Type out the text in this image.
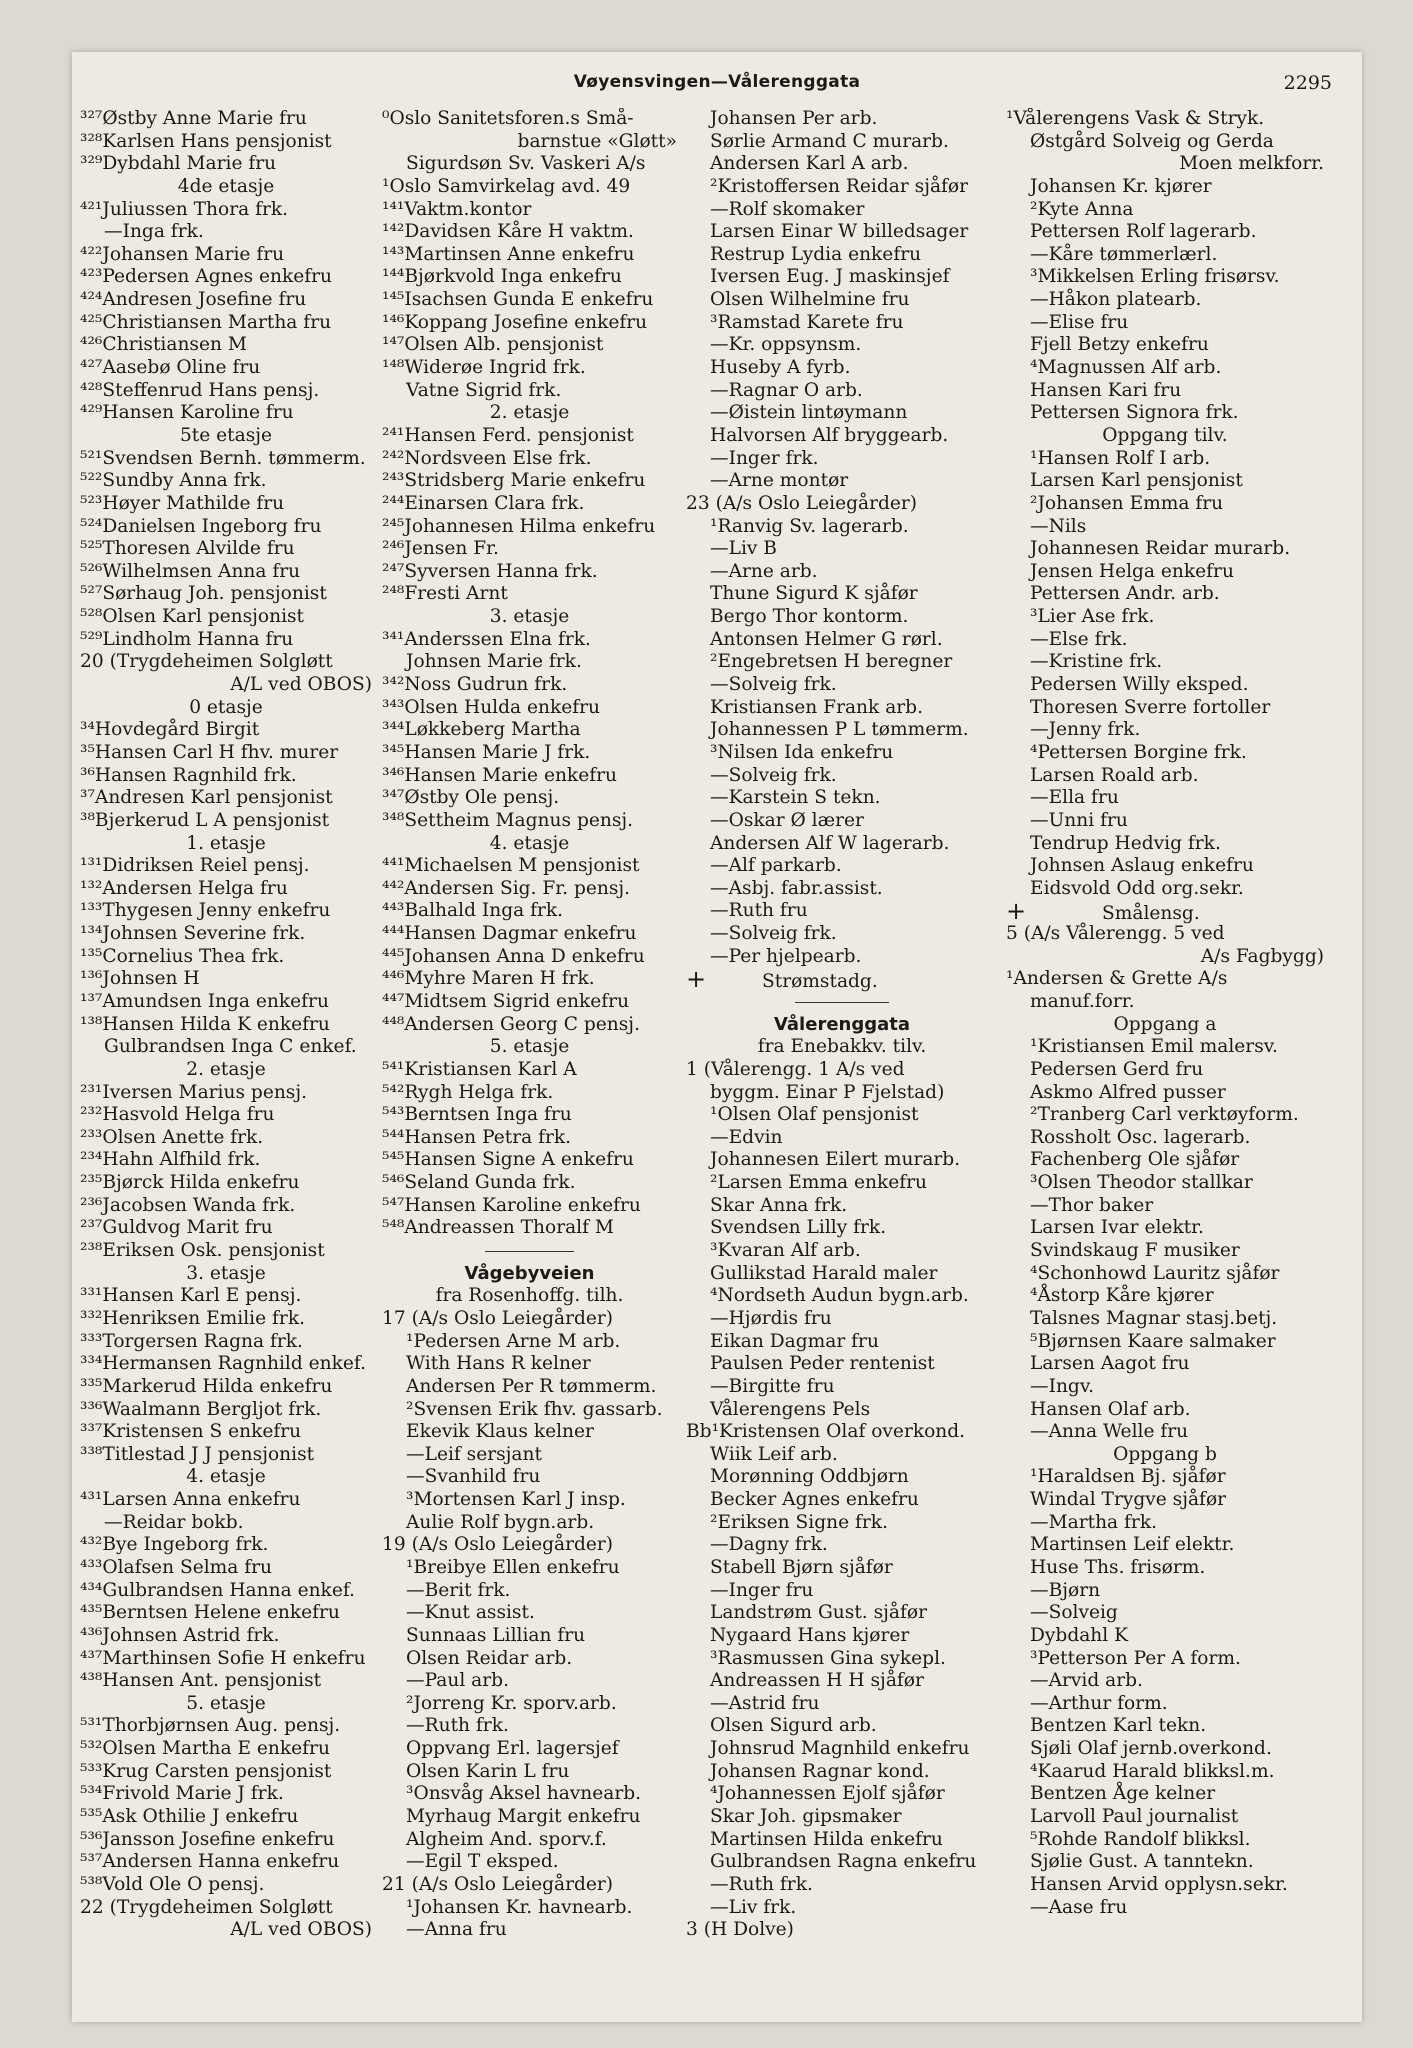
Vøyensvingen—Vålerenggata	2295
³²⁷Østby Anne Marie fru
³²⁸Karlsen Hans pensjonist
³²⁹Dybdahl Marie fru
4de etasje
⁴²¹Juliussen Thora frk.
—Inga frk.
⁴²²Johansen Marie fru
⁴²³Pedersen Agnes enkefru
⁴²⁴Andresen Josefine fru
⁴²⁵Christiansen Martha fru
⁴²⁶Christiansen M
⁴²⁷Aasebø Oline fru
⁴²⁸Steffenrud Hans pensj.
⁴²⁹Hansen Karoline fru
5te etasje
⁵²¹Svendsen Bernh. tømmerm.
⁵²²Sundby Anna frk.
⁵²³Høyer Mathilde fru
⁵²⁴Danielsen Ingeborg fru
⁵²⁵Thoresen Alvilde fru
⁵²⁶Wilhelmsen Anna fru
⁵²⁷Sørhaug Joh. pensjonist
⁵²⁸Olsen Karl pensjonist
⁵²⁹Lindholm Hanna fru
20 (Trygdeheimen Solgløtt
A/L ved OBOS)
0 etasje
³⁴Hovdegård Birgit
³⁵Hansen Carl H fhv. murer
³⁶Hansen Ragnhild frk.
³⁷Andresen Karl pensjonist
³⁸Bjerkerud L A pensjonist
1. etasje
¹³¹Didriksen Reiel pensj.
¹³²Andersen Helga fru
¹³³Thygesen Jenny enkefru
¹³⁴Johnsen Severine frk.
¹³⁵Cornelius Thea frk.
¹³⁶Johnsen H
¹³⁷Amundsen Inga enkefru
¹³⁸Hansen Hilda K enkefru
Gulbrandsen Inga C enkef.
2. etasje
²³¹Iversen Marius pensj.
²³²Hasvold Helga fru
²³³Olsen Anette frk.
²³⁴Hahn Alfhild frk.
²³⁵Bjørck Hilda enkefru
²³⁶Jacobsen Wanda frk.
²³⁷Guldvog Marit fru
²³⁸Eriksen Osk. pensjonist
3. etasje
³³¹Hansen Karl E pensj.
³³²Henriksen Emilie frk.
³³³Torgersen Ragna frk.
³³⁴Hermansen Ragnhild enkef.
³³⁵Markerud Hilda enkefru
³³⁶Waalmann Bergljot frk.
³³⁷Kristensen S enkefru
³³⁸Titlestad J J pensjonist
4. etasje
⁴³¹Larsen Anna enkefru
—Reidar bokb.
⁴³²Bye Ingeborg frk.
⁴³³Olafsen Selma fru
⁴³⁴Gulbrandsen Hanna enkef.
⁴³⁵Berntsen Helene enkefru
⁴³⁶Johnsen Astrid frk.
⁴³⁷Marthinsen Sofie H enkefru
⁴³⁸Hansen Ant. pensjonist
5. etasje
⁵³¹Thorbjørnsen Aug. pensj.
⁵³²Olsen Martha E enkefru
⁵³³Krug Carsten pensjonist
⁵³⁴Frivold Marie J frk.
⁵³⁵Ask Othilie J enkefru
⁵³⁶Jansson Josefine enkefru
⁵³⁷Andersen Hanna enkefru
⁵³⁸Vold Ole O pensj.
22 (Trygdeheimen Solgløtt
A/L ved OBOS)
⁰Oslo Sanitetsforen.s Små-
barnstue «Gløtt»
Sigurdsøn Sv. Vaskeri A/s
¹Oslo Samvirkelag avd. 49
¹⁴¹Vaktm.kontor
¹⁴²Davidsen Kåre H vaktm.
¹⁴³Martinsen Anne enkefru
¹⁴⁴Bjørkvold Inga enkefru
¹⁴⁵Isachsen Gunda E enkefru
¹⁴⁶Koppang Josefine enkefru
¹⁴⁷Olsen Alb. pensjonist
¹⁴⁸Widerøe Ingrid frk.
Vatne Sigrid frk.
2. etasje
²⁴¹Hansen Ferd. pensjonist
²⁴²Nordsveen Else frk.
²⁴³Stridsberg Marie enkefru
²⁴⁴Einarsen Clara frk.
²⁴⁵Johannesen Hilma enkefru
²⁴⁶Jensen Fr.
²⁴⁷Syversen Hanna frk.
²⁴⁸Fresti Arnt
3. etasje
³⁴¹Anderssen Elna frk.
Johnsen Marie frk.
³⁴²Noss Gudrun frk.
³⁴³Olsen Hulda enkefru
³⁴⁴Løkkeberg Martha
³⁴⁵Hansen Marie J frk.
³⁴⁶Hansen Marie enkefru
³⁴⁷Østby Ole pensj.
³⁴⁸Settheim Magnus pensj.
4. etasje
⁴⁴¹Michaelsen M pensjonist
⁴⁴²Andersen Sig. Fr. pensj.
⁴⁴³Balhald Inga frk.
⁴⁴⁴Hansen Dagmar enkefru
⁴⁴⁵Johansen Anna D enkefru
⁴⁴⁶Myhre Maren H frk.
⁴⁴⁷Midtsem Sigrid enkefru
⁴⁴⁸Andersen Georg C pensj.
5. etasje
⁵⁴¹Kristiansen Karl A
⁵⁴²Rygh Helga frk.
⁵⁴³Berntsen Inga fru
⁵⁴⁴Hansen Petra frk.
⁵⁴⁵Hansen Signe A enkefru
⁵⁴⁶Seland Gunda frk.
⁵⁴⁷Hansen Karoline enkefru
⁵⁴⁸Andreassen Thoralf M
Vågebyveien
fra Rosenhoffg. tilh.
17 (A/s Oslo Leiegårder)
¹Pedersen Arne M arb.
With Hans R kelner
Andersen Per R tømmerm.
²Svensen Erik fhv. gassarb.
Ekevik Klaus kelner
—Leif sersjant
—Svanhild fru
³Mortensen Karl J insp.
Aulie Rolf bygn.arb.
19 (A/s Oslo Leiegårder)
¹Breibye Ellen enkefru
—Berit frk.
—Knut assist.
Sunnaas Lillian fru
Olsen Reidar arb.
—Paul arb.
²Jorreng Kr. sporv.arb.
—Ruth frk.
Oppvang Erl. lagersjef
Olsen Karin L fru
³Onsvåg Aksel havnearb.
Myrhaug Margit enkefru
Algheim And. sporv.f.
—Egil T eksped.
21 (A/s Oslo Leiegårder)
¹Johansen Kr. havnearb.
—Anna fru
Johansen Per arb.
Sørlie Armand C murarb.
Andersen Karl A arb.
²Kristoffersen Reidar sjåfør
—Rolf skomaker
Larsen Einar W billedsager
Restrup Lydia enkefru
Iversen Eug. J maskinsjef
Olsen Wilhelmine fru
³Ramstad Karete fru
—Kr. oppsynsm.
Huseby A fyrb.
—Ragnar O arb.
—Øistein lintøymann
Halvorsen Alf bryggearb.
—Inger frk.
—Arne montør
23 (A/s Oslo Leiegårder)
¹Ranvig Sv. lagerarb.
—Liv B
—Arne arb.
Thune Sigurd K sjåfør
Bergo Thor kontorm.
Antonsen Helmer G rørl.
²Engebretsen H beregner
—Solveig frk.
Kristiansen Frank arb.
Johannessen P L tømmerm.
³Nilsen Ida enkefru
—Solveig frk.
—Karstein S tekn.
—Oskar Ø lærer
Andersen Alf W lagerarb.
—Alf parkarb.
—Asbj. fabr.assist.
—Ruth fru
—Solveig frk.
—Per hjelpearb.
+	Strømstadg.
Vålerenggata
fra Enebakkv. tilv.
1 (Vålerengg. 1 A/s ved
byggm. Einar P Fjelstad)
¹Olsen Olaf pensjonist
—Edvin
Johannesen Eilert murarb.
²Larsen Emma enkefru
Skar Anna frk.
Svendsen Lilly frk.
³Kvaran Alf arb.
Gullikstad Harald maler
⁴Nordseth Audun bygn.arb.
—Hjørdis fru
Eikan Dagmar fru
Paulsen Peder rentenist
—Birgitte fru
Vålerengens Pels
Bb¹Kristensen Olaf overkond.
Wiik Leif arb.
Morønning Oddbjørn
Becker Agnes enkefru
²Eriksen Signe frk.
—Dagny frk.
Stabell Bjørn sjåfør
—Inger fru
Landstrøm Gust. sjåfør
Nygaard Hans kjører
³Rasmussen Gina sykepl.
Andreassen H H sjåfør
—Astrid fru
Olsen Sigurd arb.
Johnsrud Magnhild enkefru
Johansen Ragnar kond.
⁴Johannessen Ejolf sjåfør
Skar Joh. gipsmaker
Martinsen Hilda enkefru
Gulbrandsen Ragna enkefru
—Ruth frk.
—Liv frk.
3 (H Dolve)
¹Vålerengens Vask & Stryk.
Østgård Solveig og Gerda
Moen melkforr.
Johansen Kr. kjører
²Kyte Anna
Pettersen Rolf lagerarb.
—Kåre tømmerlærl.
³Mikkelsen Erling frisørsv.
—Håkon platearb.
—Elise fru
Fjell Betzy enkefru
⁴Magnussen Alf arb.
Hansen Kari fru
Pettersen Signora frk.
Oppgang tilv.
¹Hansen Rolf I arb.
Larsen Karl pensjonist
²Johansen Emma fru
—Nils
Johannesen Reidar murarb.
Jensen Helga enkefru
Pettersen Andr. arb.
³Lier Ase frk.
—Else frk.
—Kristine frk.
Pedersen Willy eksped.
Thoresen Sverre fortoller
—Jenny frk.
⁴Pettersen Borgine frk.
Larsen Roald arb.
—Ella fru
—Unni fru
Tendrup Hedvig frk.
Johnsen Aslaug enkefru
Eidsvold Odd org.sekr.
+	Smålensg.
5 (A/s Vålerengg. 5 ved
A/s Fagbygg)
¹Andersen & Grette A/s
manuf.forr.
Oppgang a
¹Kristiansen Emil malersv.
Pedersen Gerd fru
Askmo Alfred pusser
²Tranberg Carl verktøyform.
Rossholt Osc. lagerarb.
Fachenberg Ole sjåfør
³Olsen Theodor stallkar
—Thor baker
Larsen Ivar elektr.
Svindskaug F musiker
⁴Schonhowd Lauritz sjåfør
⁴Åstorp Kåre kjører
Talsnes Magnar stasj.betj.
⁵Bjørnsen Kaare salmaker
Larsen Aagot fru
—Ingv.
Hansen Olaf arb.
—Anna Welle fru
Oppgang b
¹Haraldsen Bj. sjåfør
Windal Trygve sjåfør
—Martha frk.
Martinsen Leif elektr.
Huse Ths. frisørm.
—Bjørn
—Solveig
Dybdahl K
³Petterson Per A form.
—Arvid arb.
—Arthur form.
Bentzen Karl tekn.
Sjøli Olaf jernb.overkond.
⁴Kaarud Harald blikksl.m.
Bentzen Åge kelner
Larvoll Paul journalist
⁵Rohde Randolf blikksl.
Sjølie Gust. A tanntekn.
Hansen Arvid opplysn.sekr.
—Aase fru
